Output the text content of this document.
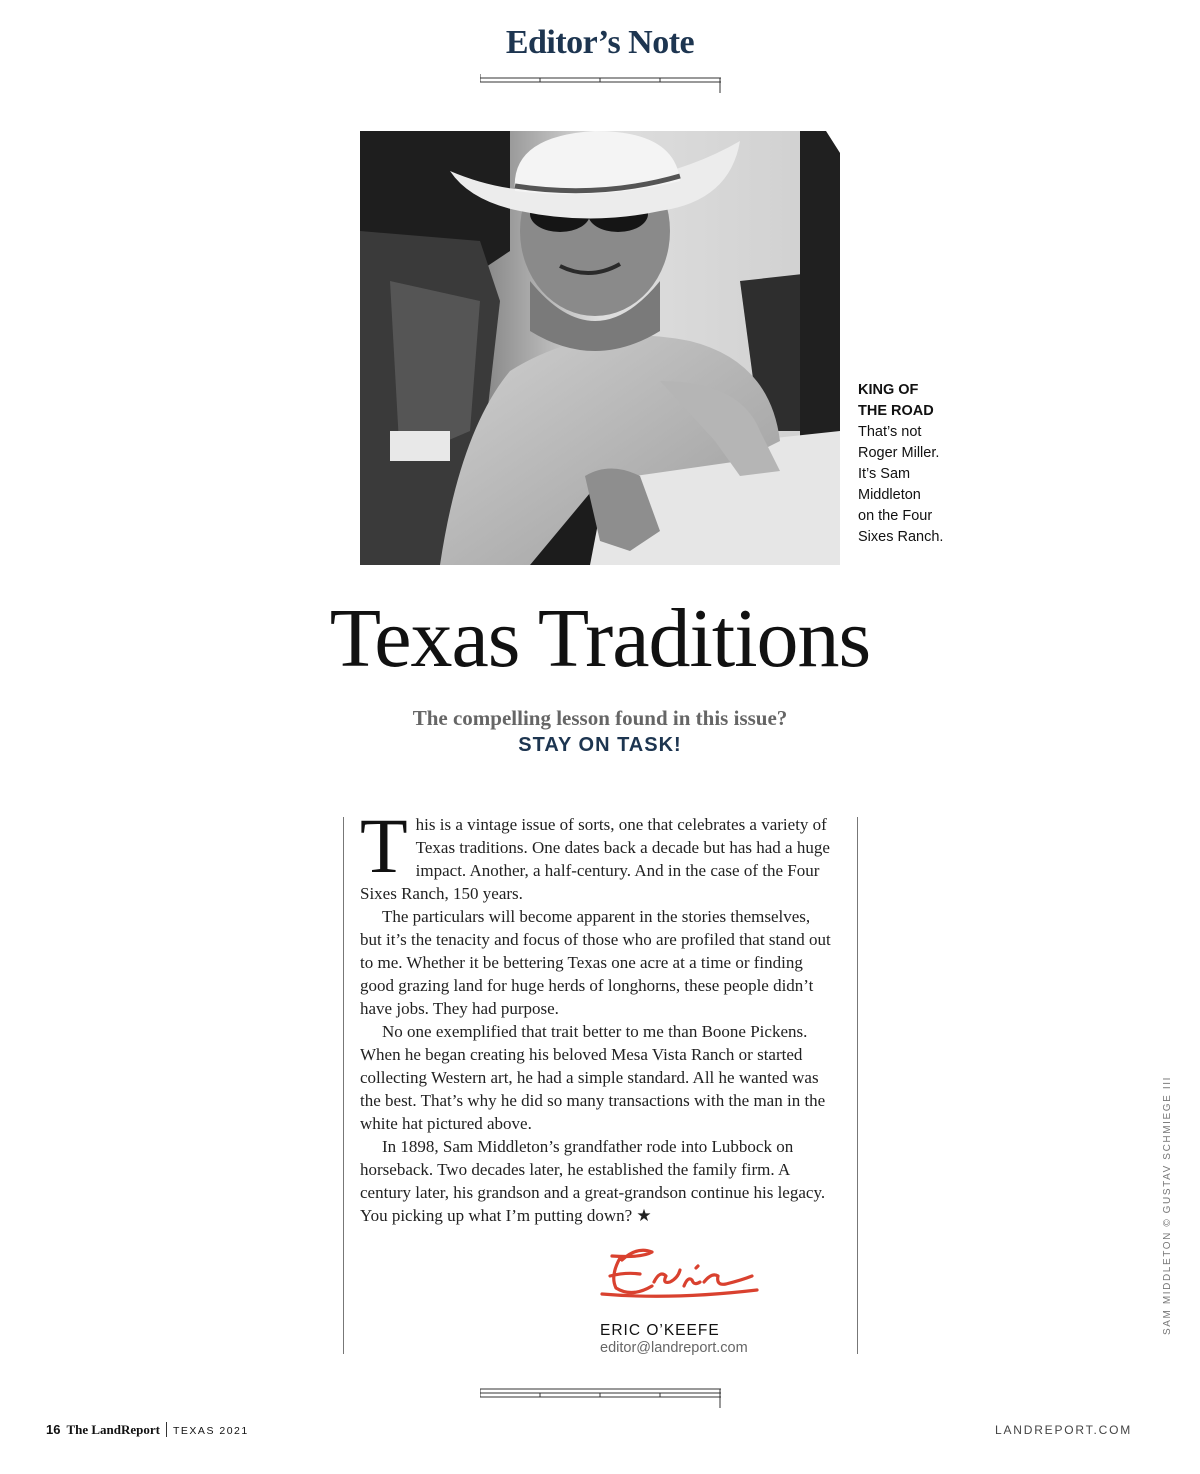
Editor’s Note
KING OF
THE ROAD
That’s not
Roger Miller.
It’s Sam
Middleton
on the Four
Sixes Ranch.
Texas Traditions
The compelling lesson found in this issue?
STAY ON TASK!

This is a vintage issue of sorts, one that celebrates a variety of Texas traditions. One dates back a decade but has had a huge impact. Another, a half-century. And in the case of the Four Sixes Ranch, 150 years.

The particulars will become apparent in the stories themselves, but it’s the tenacity and focus of those who are profiled that stand out to me. Whether it be bettering Texas one acre at a time or finding good grazing land for huge herds of longhorns, these people didn’t have jobs. They had purpose.

No one exemplified that trait better to me than Boone Pickens. When he began creating his beloved Mesa Vista Ranch or started collecting Western art, he had a simple standard. All he wanted was the best. That’s why he did so many transactions with the man in the white hat pictured above.

In 1898, Sam Middleton’s grandfather rode into Lubbock on horseback. Two decades later, he established the family firm. A century later, his grandson and a great-grandson continue his legacy. You picking up what I’m putting down? ★

ERIC O’KEEFE
editor@landreport.com
SAM MIDDLETON © GUSTAV SCHMIEGE III
16 The LandReport TEXAS 2021	LANDREPORT.COM
